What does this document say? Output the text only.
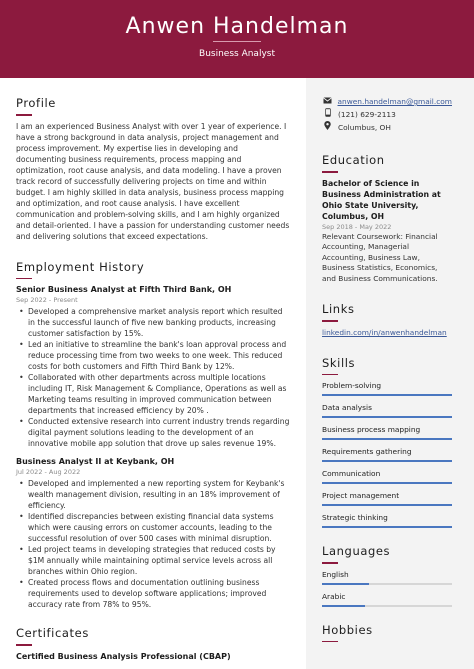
Anwen Handelman
Business Analyst
Profile

I am an experienced Business Analyst with over 1 year of experience. I have a strong background in data analysis, project management and process improvement. My expertise lies in developing and documenting business requirements, process mapping and optimization, root cause analysis, and data modeling. I have a proven track record of successfully delivering projects on time and within budget. I am highly skilled in data analysis, business process mapping and optimization, and root cause analysis. I have excellent communication and problem-solving skills, and I am highly organized and detail-oriented. I have a passion for understanding customer needs and delivering solutions that exceed expectations.

Employment History
Senior Business Analyst at Fifth Third Bank, OH
Sep 2022 - Present
• Developed a comprehensive market analysis report which resulted in the successful launch of five new banking products, increasing customer satisfaction by 15%.
• Led an initiative to streamline the bank's loan approval process and reduce processing time from two weeks to one week. This reduced costs for both customers and Fifth Third Bank by 12%.
• Collaborated with other departments across multiple locations including IT, Risk Management & Compliance, Operations as well as Marketing teams resulting in improved communication between departments that increased efficiency by 20% .
• Conducted extensive research into current industry trends regarding digital payment solutions leading to the development of an innovative mobile app solution that drove up sales revenue 19%.
Business Analyst II at Keybank, OH
Jul 2022 - Aug 2022
• Developed and implemented a new reporting system for Keybank's wealth management division, resulting in an 18% improvement of efficiency.
• Identified discrepancies between existing financial data systems which were causing errors on customer accounts, leading to the successful resolution of over 500 cases with minimal disruption.
• Led project teams in developing strategies that reduced costs by $1M annually while maintaining optimal service levels across all branches within Ohio region.
• Created process flows and documentation outlining business requirements used to develop software applications; improved accuracy rate from 78% to 95%.
Certificates
Certified Business Analysis Professional (CBAP)
anwen.handelman@gmail.com
(121) 629-2113
Columbus, OH
Education
Bachelor of Science in Business Administration at Ohio State University, Columbus, OH
Sep 2018 - May 2022
Relevant Coursework: Financial Accounting, Managerial Accounting, Business Law, Business Statistics, Economics, and Business Communications.
Links
linkedin.com/in/anwenhandelman
Skills
Problem-solving
Data analysis
Business process mapping
Requirements gathering
Communication
Project management
Strategic thinking
Languages
English
Arabic
Hobbies
